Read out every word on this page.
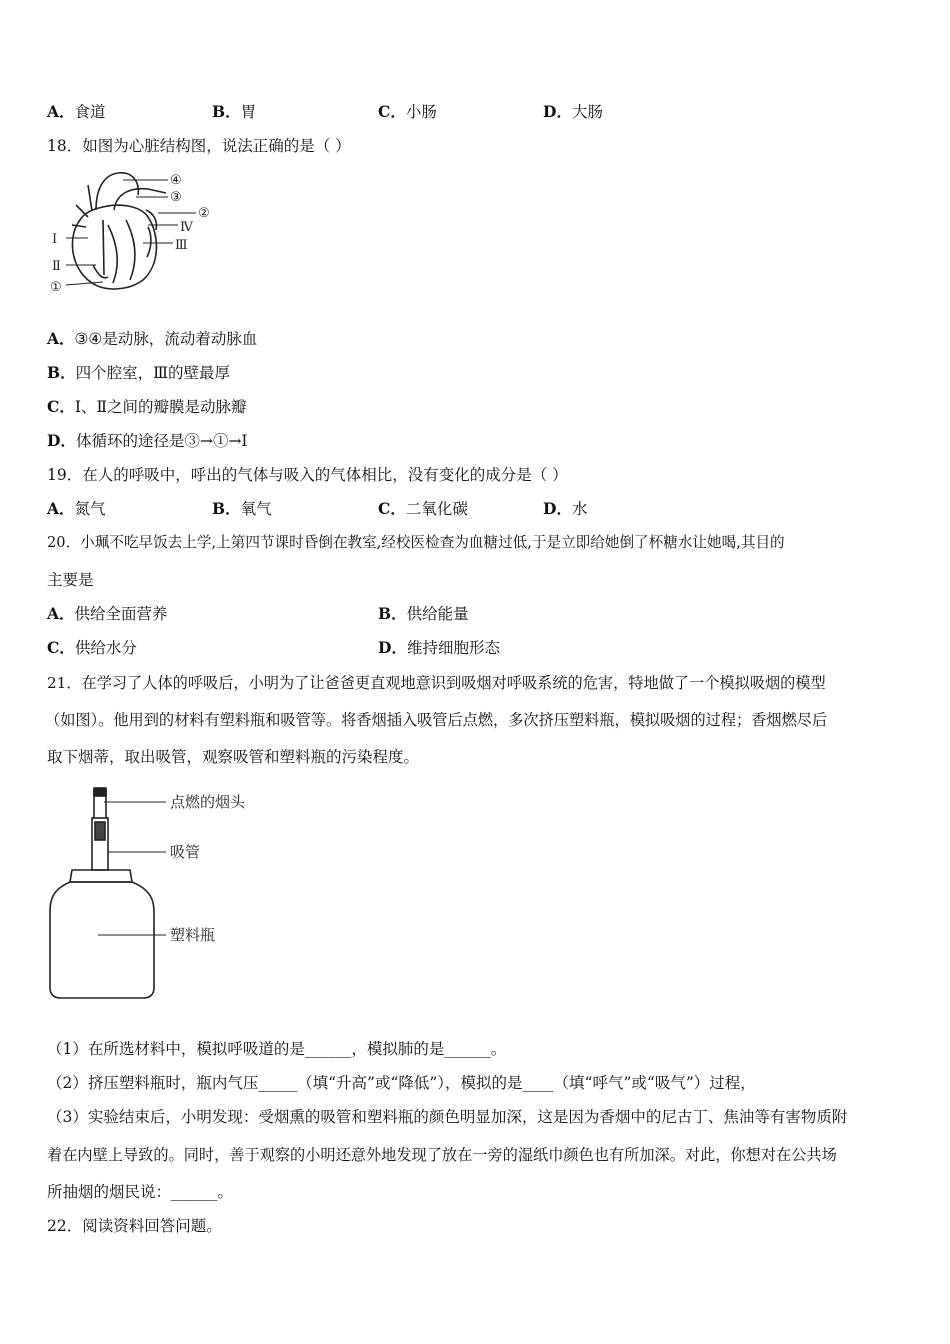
A．食道	B．胃	C．小肠	D．大肠
18．如图为心脏结构图，说法正确的是（ ）
④
③
②
Ⅳ
Ⅲ
Ⅰ
Ⅱ
①
A．③④是动脉，流动着动脉血
B．四个腔室，Ⅲ的壁最厚
C．Ⅰ、Ⅱ之间的瓣膜是动脉瓣
D．体循环的途径是③→①→Ⅰ
19．在人的呼吸中，呼出的气体与吸入的气体相比，没有变化的成分是（ ）
A．氮气	B．氧气	C．二氧化碳	D．水
20．小珮不吃早饭去上学,上第四节课时昏倒在教室,经校医检查为血糖过低,于是立即给她倒了杯糖水让她喝,其目的
主要是
A．供给全面营养	B．供给能量
C．供给水分	D．维持细胞形态
21．在学习了人体的呼吸后，小明为了让爸爸更直观地意识到吸烟对呼吸系统的危害，特地做了一个模拟吸烟的模型
（如图）。他用到的材料有塑料瓶和吸管等。将香烟插入吸管后点燃，多次挤压塑料瓶，模拟吸烟的过程；香烟燃尽后
取下烟蒂，取出吸管，观察吸管和塑料瓶的污染程度。
点燃的烟头
吸管
塑料瓶
（1）在所选材料中，模拟呼吸道的是______，模拟肺的是______。
（2）挤压塑料瓶时，瓶内气压_____（填“升高”或“降低”），模拟的是____（填“呼气”或“吸气”）过程，
（3）实验结束后，小明发现：受烟熏的吸管和塑料瓶的颜色明显加深，这是因为香烟中的尼古丁、焦油等有害物质附
着在内壁上导致的。同时，善于观察的小明还意外地发现了放在一旁的湿纸巾颜色也有所加深。对此，你想对在公共场
所抽烟的烟民说：______。
22．阅读资料回答问题。
